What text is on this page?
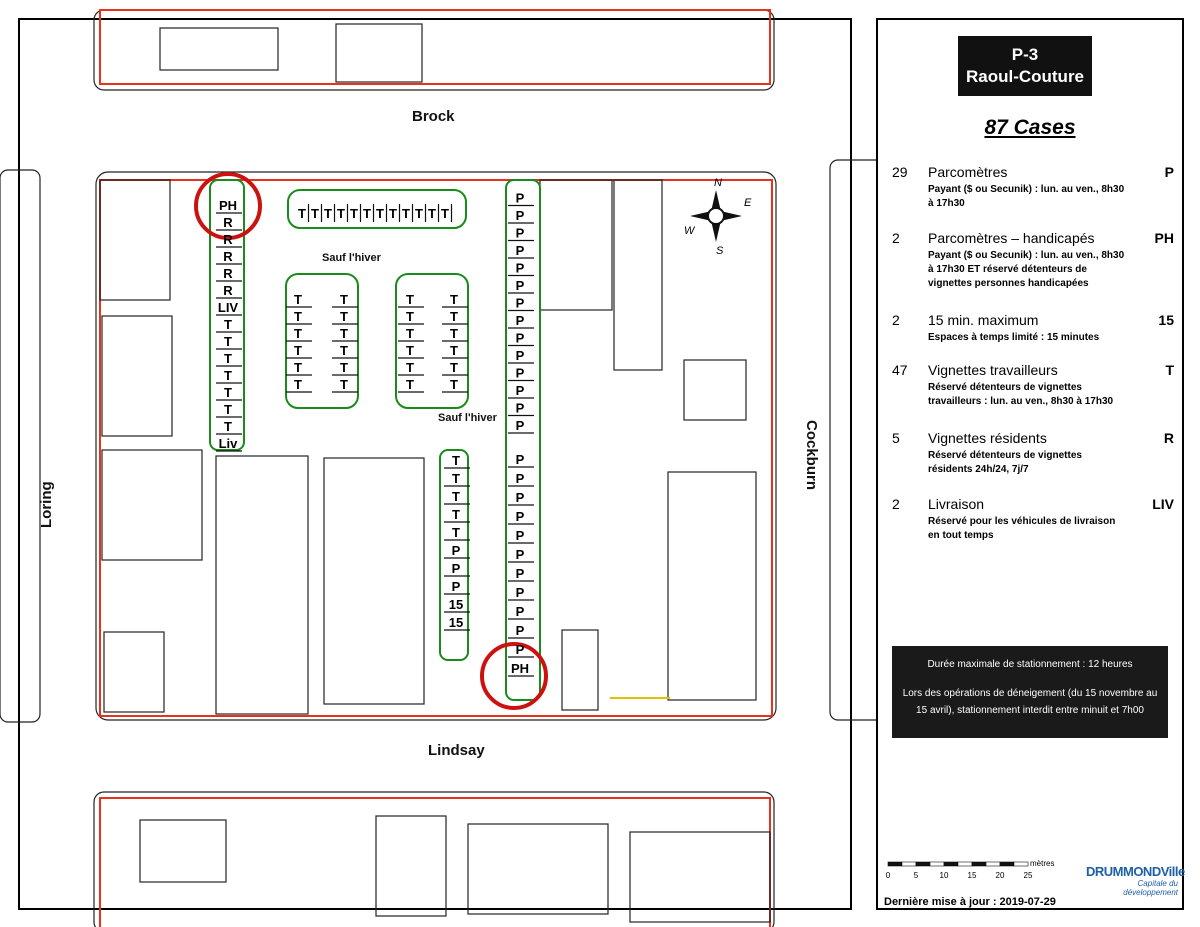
N
E
S
W
PH
R
R
R
R
R
LIV
T
T
T
T
T
T
T
Liv
T T T T T T T T T T T T
T
T
T
T
T
T
T
T
T
T
T
T
T
T
T
T
T
T
T
T
T
T
T
T
P
P
P
P
P
P
P
P
P
P
P
P
P
P
P
P
P
P
P
P
P
P
P
P
P
PH
T
T
T
T
T
P
P
P
15
15
Brock
Lindsay
Loring
Cockburn
Sauf l'hiver
Sauf l'hiver
P-3
Raoul-Couture
87 Cases
29 Parcomètres	P
Payant ($ ou Secunik) : lun. au ven., 8h30 à 17h30
2 Parcomètres – handicapés	PH
Payant ($ ou Secunik) : lun. au ven., 8h30 à 17h30 ET réservé détenteurs de vignettes personnes handicapées
2 15 min. maximum	15
Espaces à temps limité : 15 minutes
47 Vignettes travailleurs	T
Réservé détenteurs de vignettes travailleurs : lun. au ven., 8h30 à 17h30
5 Vignettes résidents	R
Réservé détenteurs de vignettes résidents 24h/24, 7j/7
2 Livraison	LIV
Réservé pour les véhicules de livraison en tout temps
Durée maximale de stationnement : 12 heures
Lors des opérations de déneigement (du 15 novembre au 15 avril), stationnement interdit entre minuit et 7h00
0	5	10 15 20 25
mètres
Dernière mise à jour : 2019-07-29
DRUMMONDVille
Capitale du développement
